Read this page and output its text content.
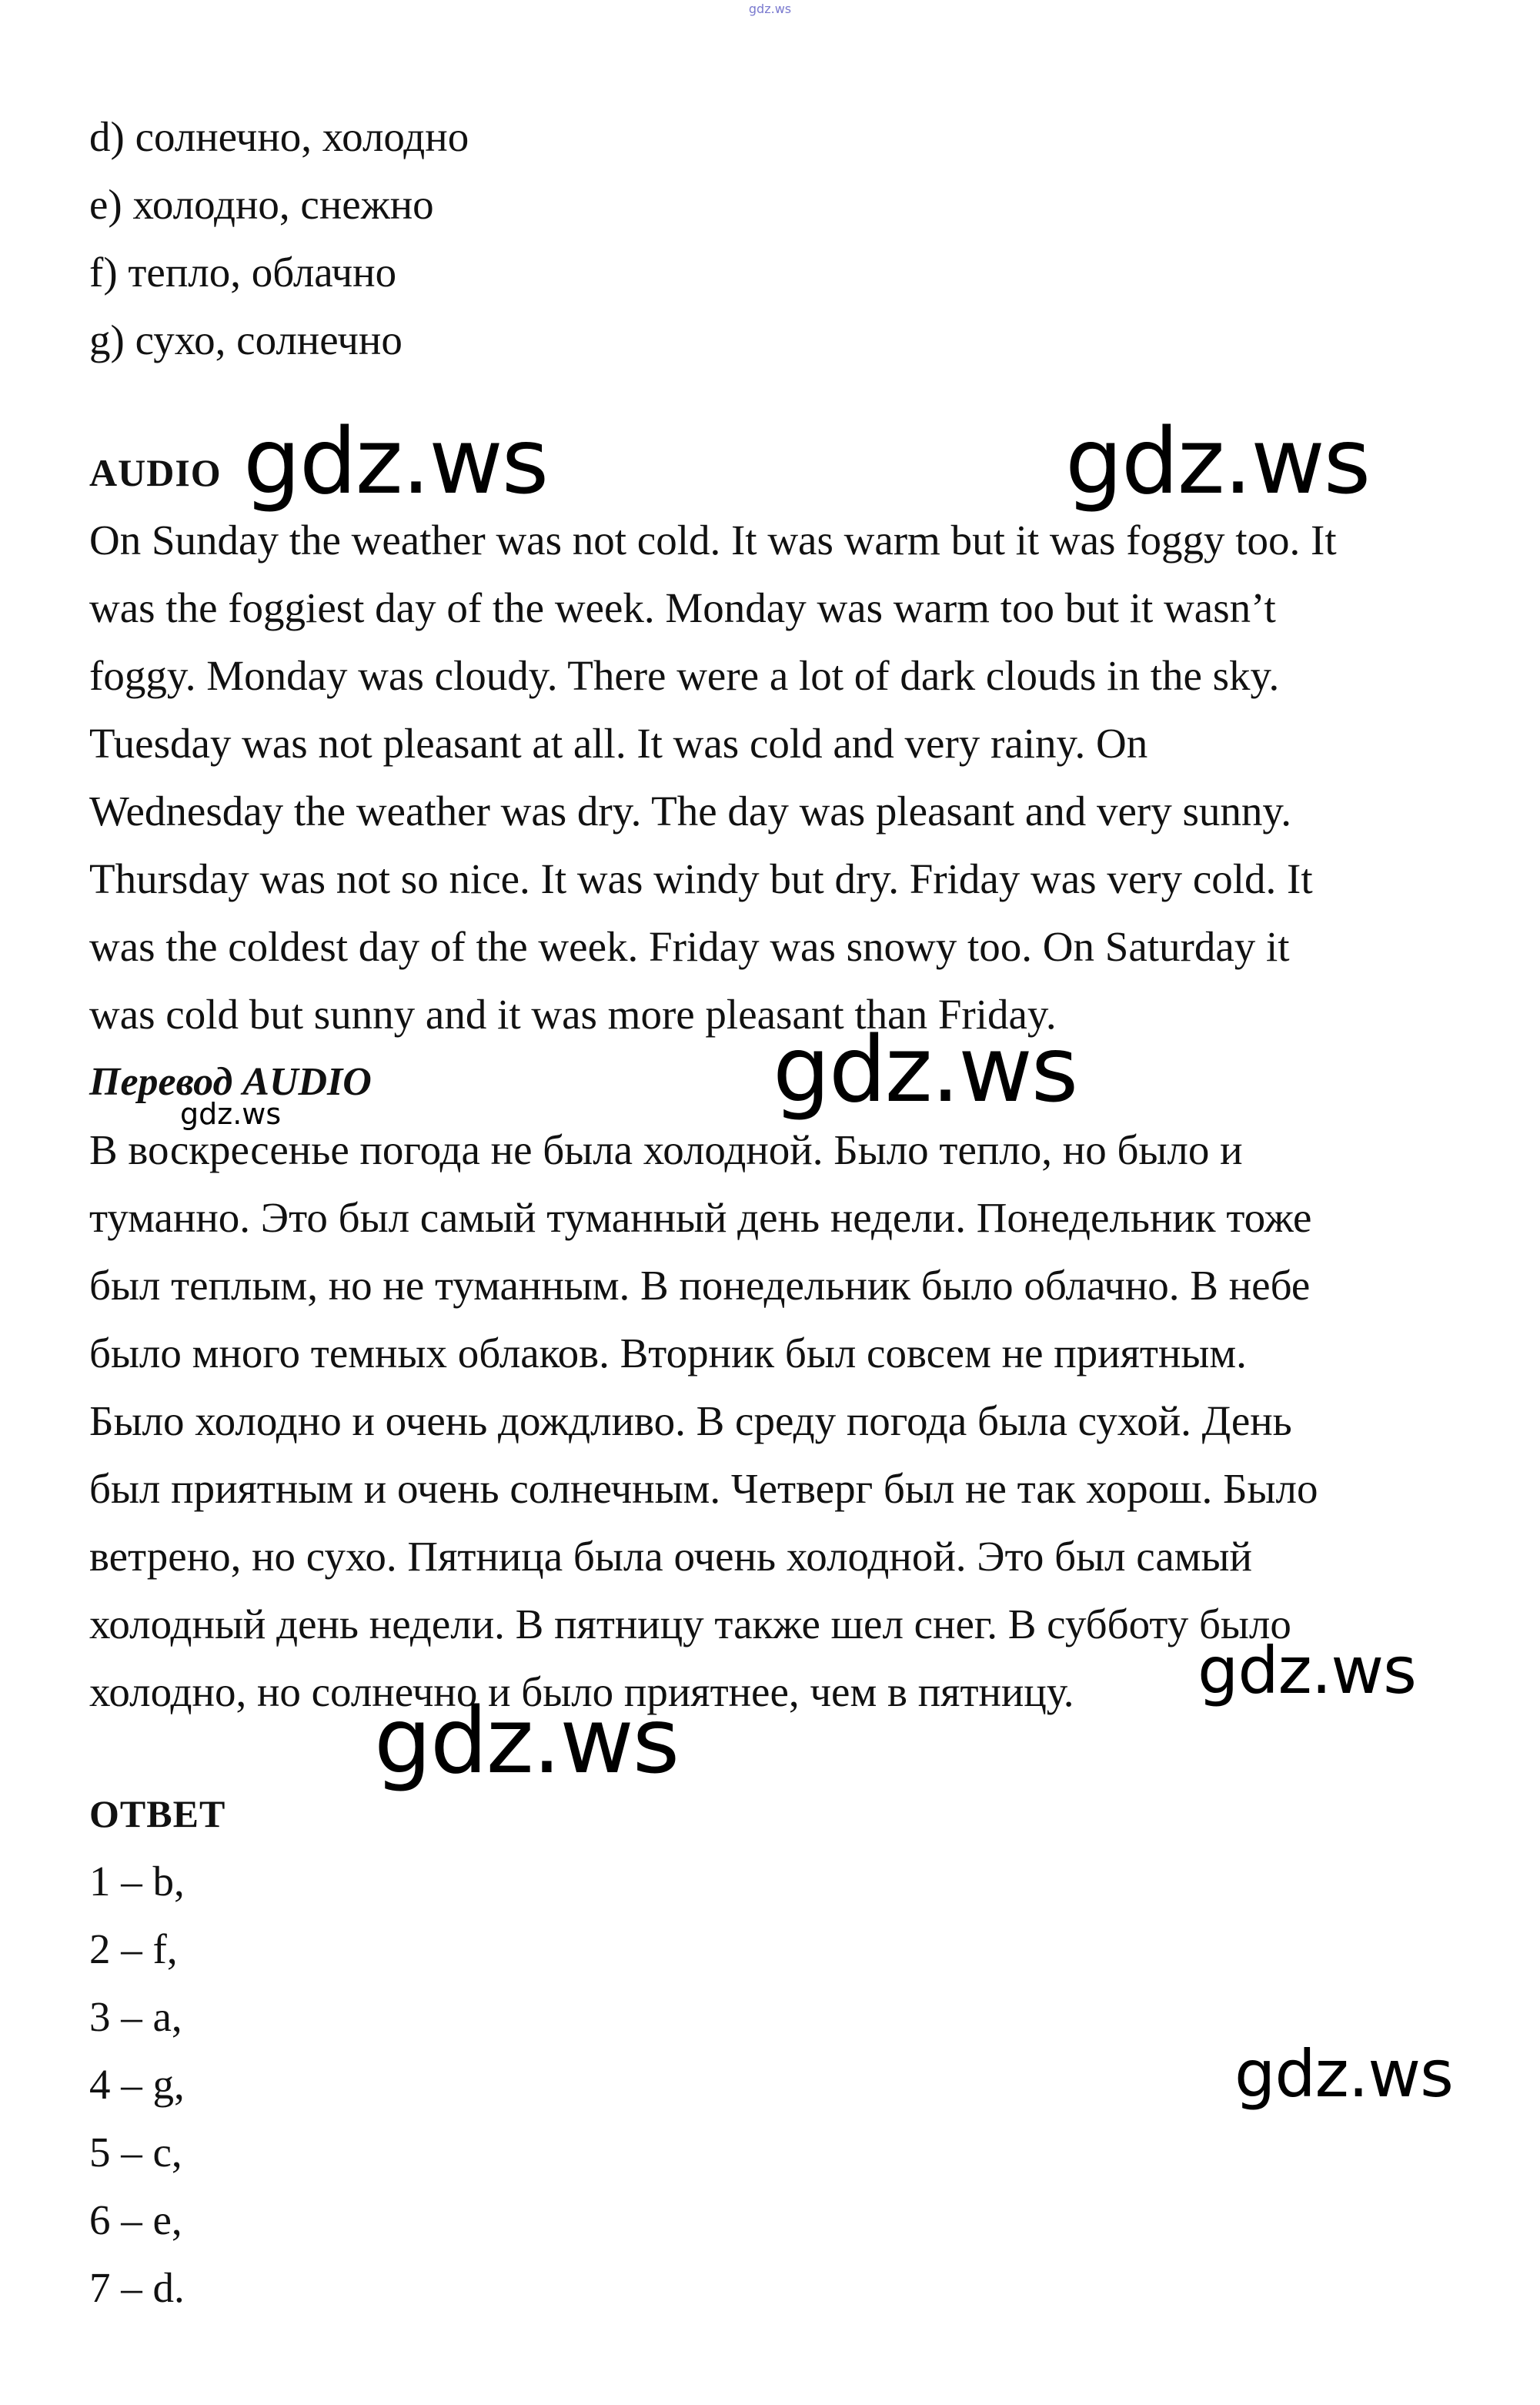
gdz.ws
d) солнечно, холодно
e) холодно, снежно
f) тепло, облачно
g) сухо, солнечно
AUDIO
On Sunday the weather was not cold. It was warm but it was foggy too. It
was the foggiest day of the week. Monday was warm too but it wasn’t
foggy. Monday was cloudy. There were a lot of dark clouds in the sky.
Tuesday was not pleasant at all. It was cold and very rainy. On
Wednesday the weather was dry. The day was pleasant and very sunny.
Thursday was not so nice. It was windy but dry. Friday was very cold. It
was the coldest day of the week. Friday was snowy too. On Saturday it
was cold but sunny and it was more pleasant than Friday.
Перевод AUDIO
В воскресенье погода не была холодной. Было тепло, но было и
туманно. Это был самый туманный день недели. Понедельник тоже
был теплым, но не туманным. В понедельник было облачно. В небе
было много темных облаков. Вторник был совсем не приятным.
Было холодно и очень дождливо. В среду погода была сухой. День
был приятным и очень солнечным. Четверг был не так хорош. Было
ветрено, но сухо. Пятница была очень холодной. Это был самый
холодный день недели. В пятницу также шел снег. В субботу было
холодно, но солнечно и было приятнее, чем в пятницу.
ОТВЕТ
1 – b,
2 – f,
3 – a,
4 – g,
5 – c,
6 – e,
7 – d.
gdz.ws	gdz.ws
gdz.ws
gdz.ws
gdz.ws
gdz.ws
gdz.ws
